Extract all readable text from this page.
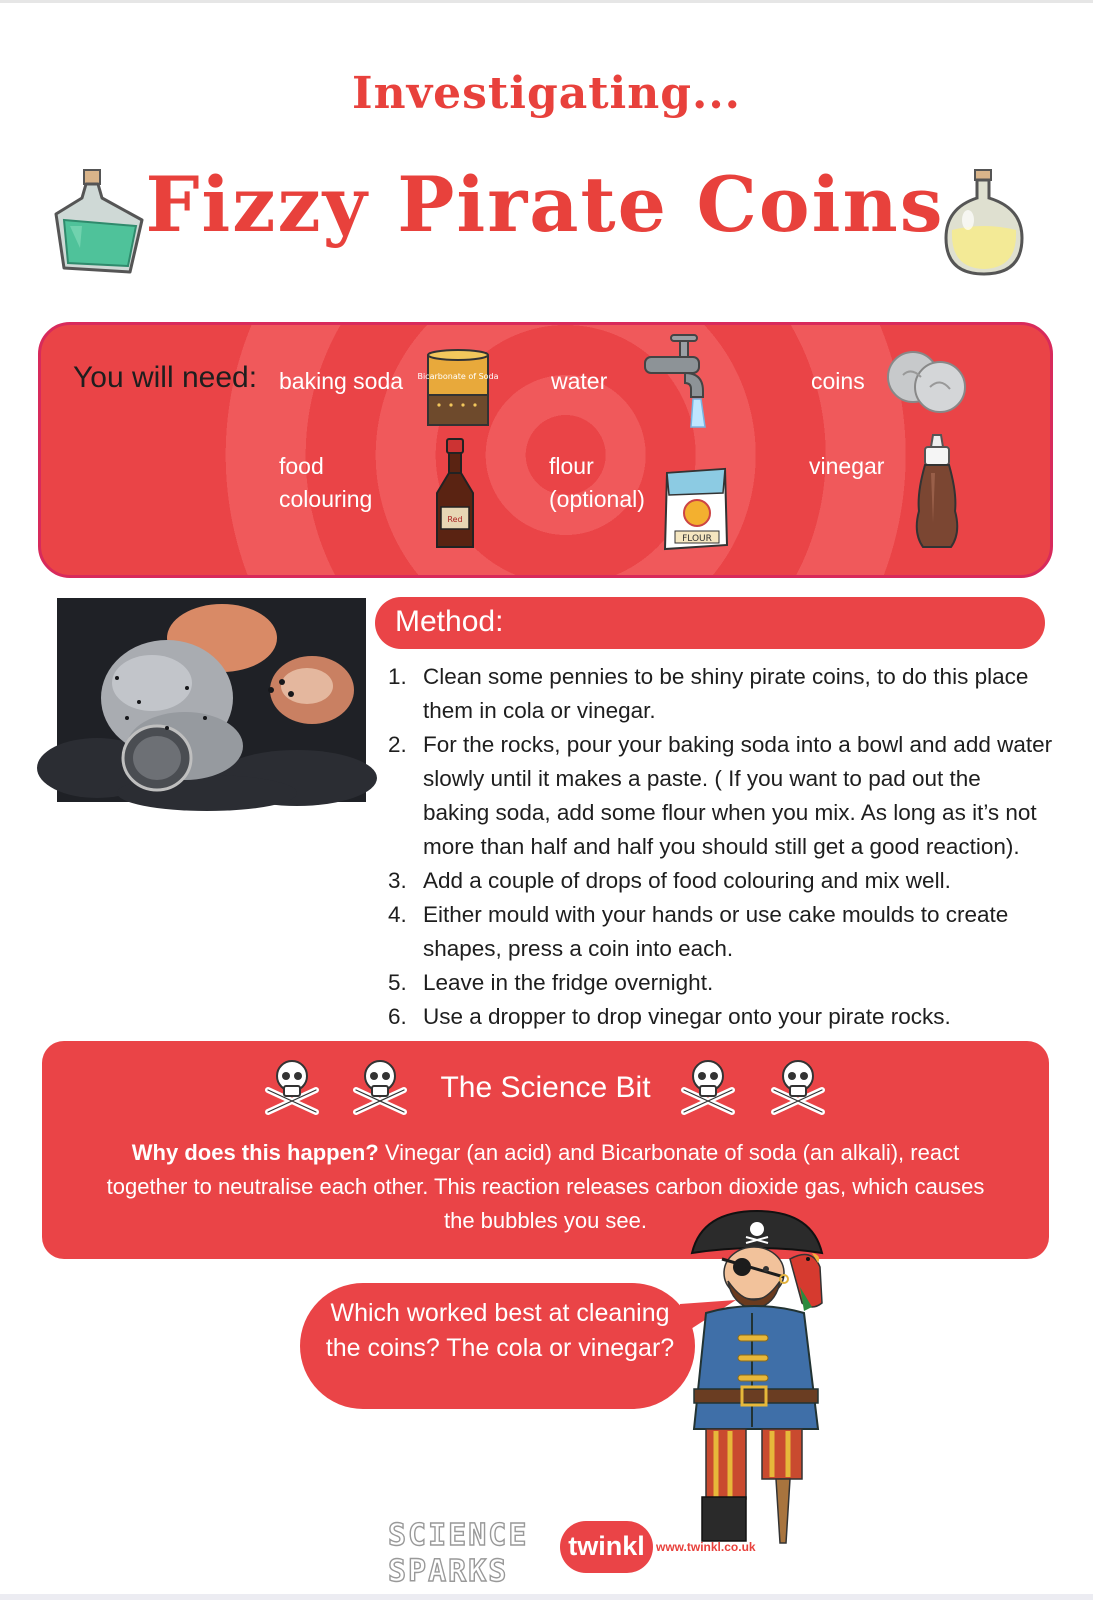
Investigating...
Fizzy Pirate Coins
You will need: baking soda Bicarbonate of Soda water	coins
food
colouring
Red
flour
(optional)
FLOUR
vinegar
Method:
1. Clean some pennies to be shiny pirate coins, to do this place them in cola or vinegar.
2. For the rocks, pour your baking soda into a bowl and add water slowly until it makes a paste. ( If you want to pad out the baking soda, add some flour when you mix. As long as it’s not more than half and half you should still get a good reaction).
3. Add a couple of drops of food colouring and mix well.
4. Either mould with your hands or use cake moulds to create shapes, press a coin into each.
5. Leave in the fridge overnight.
6. Use a dropper to drop vinegar onto your pirate rocks.
The Science Bit
Why does this happen? Vinegar (an acid) and Bicarbonate of soda (an alkali), react together to neutralise each other. This reaction releases carbon dioxide gas, which causes the bubbles you see.
Which worked best at cleaning the coins? The cola or vinegar?
SCIENCE
SPARKS
twinkl www.twinkl.co.uk
